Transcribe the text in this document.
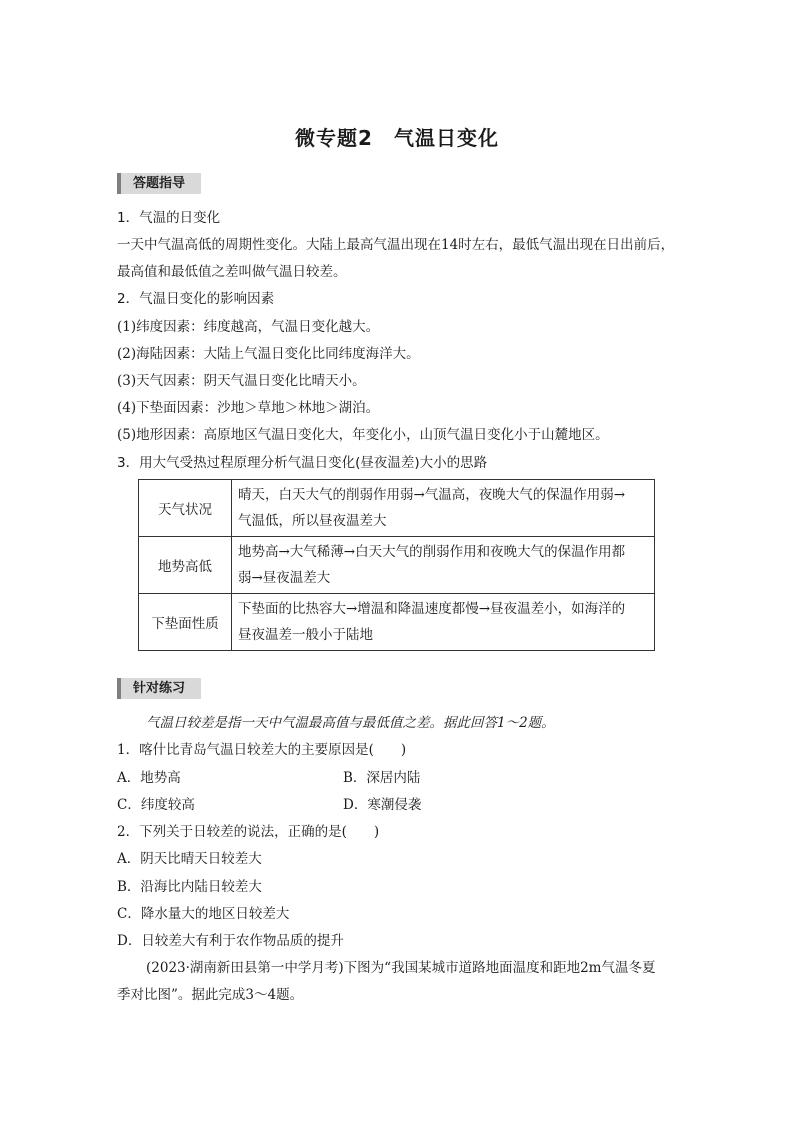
微专题2　气温日变化
答题指导
1．气温的日变化
一天中气温高低的周期性变化。大陆上最高气温出现在14时左右，最低气温出现在日出前后，
最高值和最低值之差叫做气温日较差。
2．气温日变化的影响因素
(1)纬度因素：纬度越高，气温日变化越大。
(2)海陆因素：大陆上气温日变化比同纬度海洋大。
(3)天气因素：阴天气温日变化比晴天小。
(4)下垫面因素：沙地＞草地＞林地＞湖泊。
(5)地形因素：高原地区气温日变化大，年变化小，山顶气温日变化小于山麓地区。
3．用大气受热过程原理分析气温日变化(昼夜温差)大小的思路
天气状况	晴天，白天大气的削弱作用弱→气温高，夜晚大气的保温作用弱→
气温低，所以昼夜温差大

地势高低	地势高→大气稀薄→白天大气的削弱作用和夜晚大气的保温作用都
弱→昼夜温差大

下垫面性质	下垫面的比热容大→增温和降温速度都慢→昼夜温差小，如海洋的
昼夜温差一般小于陆地
针对练习
气温日较差是指一天中气温最高值与最低值之差。据此回答1～2题。
1．喀什比青岛气温日较差大的主要原因是(　　)
A．地势高	B．深居内陆
C．纬度较高	D．寒潮侵袭
2．下列关于日较差的说法，正确的是(　　)
A．阴天比晴天日较差大
B．沿海比内陆日较差大
C．降水量大的地区日较差大
D．日较差大有利于农作物品质的提升
(2023·湖南新田县第一中学月考)下图为“我国某城市道路地面温度和距地2m气温冬夏
季对比图”。据此完成3～4题。
